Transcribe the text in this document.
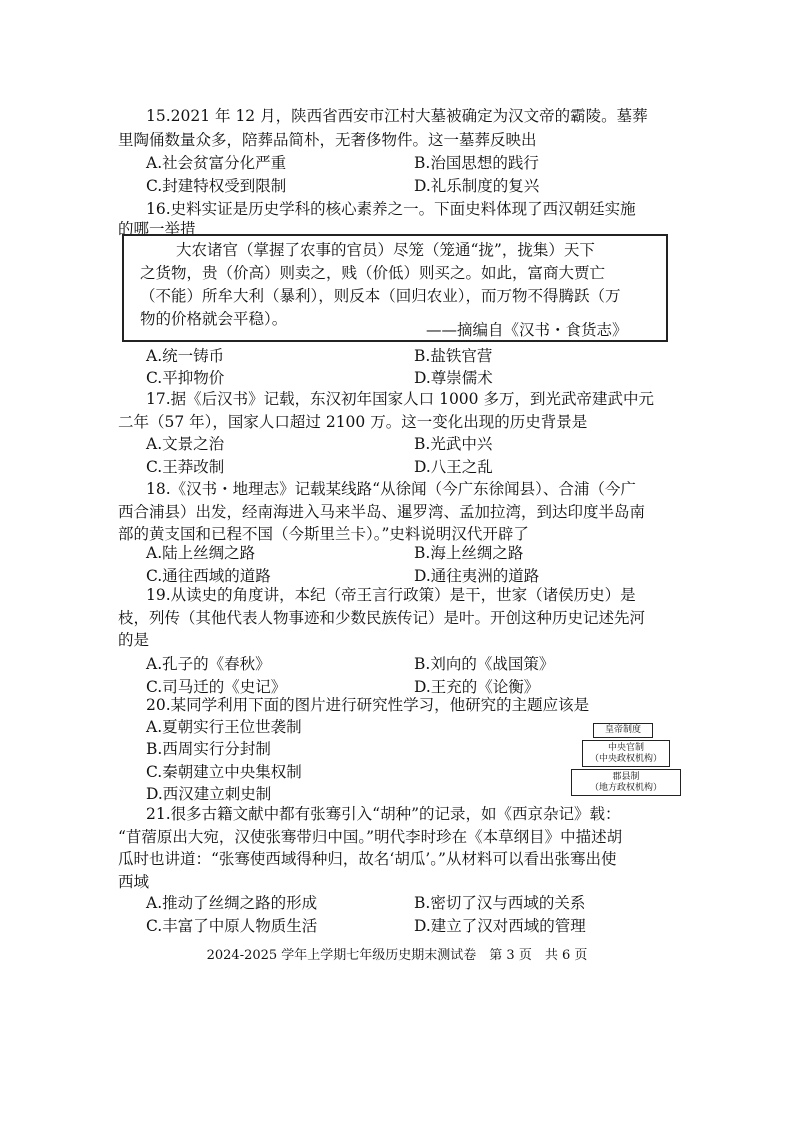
15.2021 年 12 月，陕西省西安市江村大墓被确定为汉文帝的霸陵。墓葬
里陶俑数量众多，陪葬品简朴，无奢侈物件。这一墓葬反映出
A.社会贫富分化严重	B.治国思想的践行
C.封建特权受到限制	D.礼乐制度的复兴
16.史料实证是历史学科的核心素养之一。下面史料体现了西汉朝廷实施
的哪一举措
大农诸官（掌握了农事的官员）尽笼（笼通“拢”，拢集）天下
之货物，贵（价高）则卖之，贱（价低）则买之。如此，富商大贾亡
（不能）所牟大利（暴利），则反本（回归农业），而万物不得腾跃（万
物的价格就会平稳）。
——摘编自《汉书・食货志》
A.统一铸币	B.盐铁官营
C.平抑物价	D.尊崇儒术
17.据《后汉书》记载，东汉初年国家人口 1000 多万，到光武帝建武中元
二年（57 年），国家人口超过 2100 万。这一变化出现的历史背景是
A.文景之治	B.光武中兴
C.王莽改制	D.八王之乱
18.《汉书・地理志》记载某线路“从徐闻（今广东徐闻县）、合浦（今广
西合浦县）出发，经南海进入马来半岛、暹罗湾、孟加拉湾，到达印度半岛南
部的黄支国和已程不国（今斯里兰卡）。”史料说明汉代开辟了
A.陆上丝绸之路	B.海上丝绸之路
C.通往西域的道路	D.通往夷洲的道路
19.从读史的角度讲，本纪（帝王言行政策）是干，世家（诸侯历史）是
枝，列传（其他代表人物事迹和少数民族传记）是叶。开创这种历史记述先河
的是
A.孔子的《春秋》	B.刘向的《战国策》
C.司马迁的《史记》	D.王充的《论衡》
20.某同学利用下面的图片进行研究性学习，他研究的主题应该是
A.夏朝实行王位世袭制
B.西周实行分封制
C.秦朝建立中央集权制
D.西汉建立刺史制
皇帝制度
中央官制
（中央政权机构）
郡县制
（地方政权机构）
21.很多古籍文献中都有张骞引入“胡种”的记录，如《西京杂记》载：
“苜蓿原出大宛，汉使张骞带归中国。”明代李时珍在《本草纲目》中描述胡
瓜时也讲道：“张骞使西域得种归，故名‘胡瓜’。”从材料可以看出张骞出使
西域
A.推动了丝绸之路的形成	B.密切了汉与西域的关系
C.丰富了中原人物质生活	D.建立了汉对西域的管理
2024-2025 学年上学期七年级历史期末测试卷　第 3 页　共 6 页
